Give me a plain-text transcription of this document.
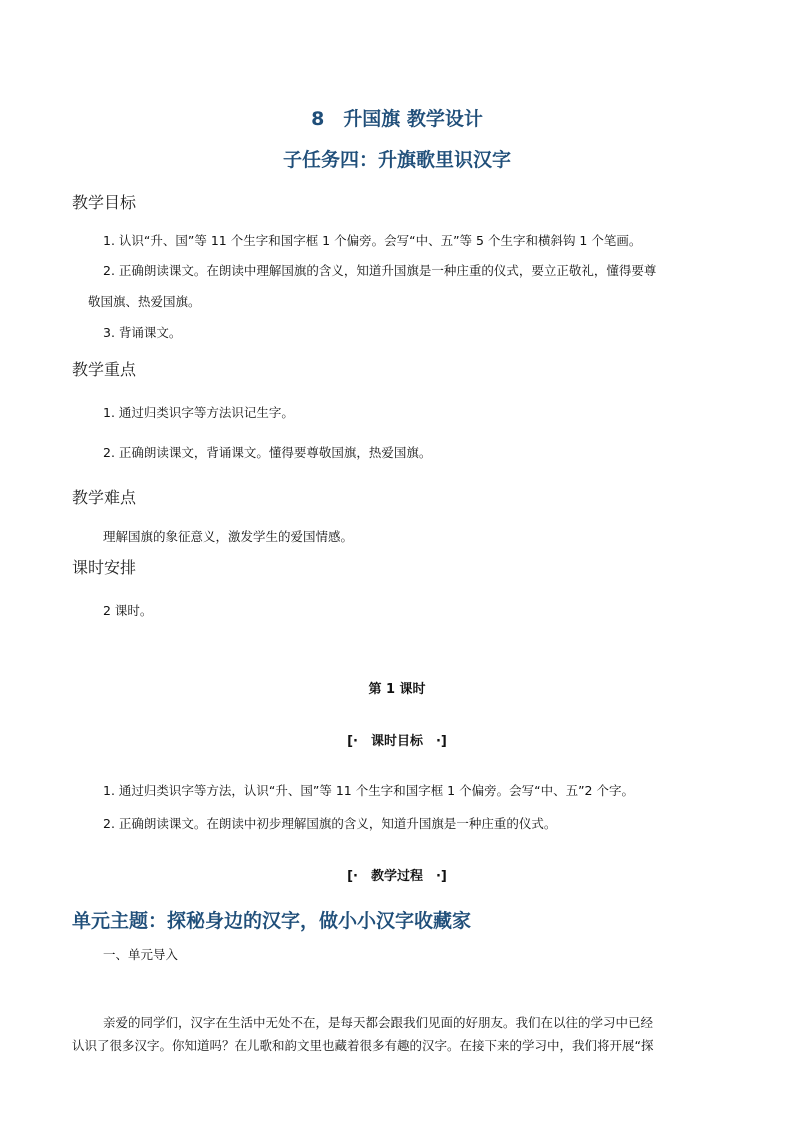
8　升国旗 教学设计
子任务四：升旗歌里识汉字
教学目标
1. 认识“升、国”等 11 个生字和国字框 1 个偏旁。会写“中、五”等 5 个生字和横斜钩 1 个笔画。
2. 正确朗读课文。在朗读中理解国旗的含义，知道升国旗是一种庄重的仪式，要立正敬礼，懂得要尊
敬国旗、热爱国旗。
3. 背诵课文。
教学重点
1. 通过归类识字等方法识记生字。
2. 正确朗读课文，背诵课文。懂得要尊敬国旗，热爱国旗。
教学难点
理解国旗的象征意义，激发学生的爱国情感。
课时安排
2 课时。
第 1 课时
[·　课时目标　·]
1. 通过归类识字等方法，认识“升、国”等 11 个生字和国字框 1 个偏旁。会写“中、五”2 个字。
2. 正确朗读课文。在朗读中初步理解国旗的含义，知道升国旗是一种庄重的仪式。
[·　教学过程　·]
单元主题：探秘身边的汉字，做小小汉字收藏家
一、单元导入
亲爱的同学们，汉字在生活中无处不在，是每天都会跟我们见面的好朋友。我们在以往的学习中已经
认识了很多汉字。你知道吗？在儿歌和韵文里也藏着很多有趣的汉字。在接下来的学习中，我们将开展“探
